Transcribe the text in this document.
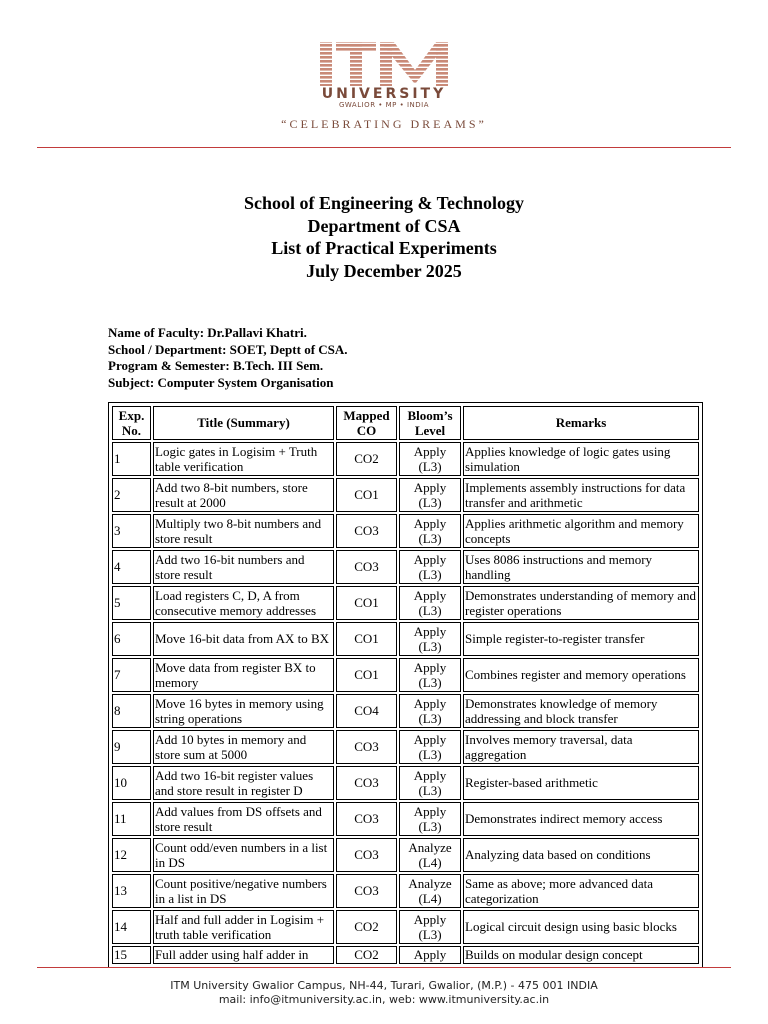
UNIVERSITY
GWALIOR • MP • INDIA
“CELEBRATING DREAMS”
School of Engineering & Technology
Department of CSA
List of Practical Experiments
July December 2025
Name of Faculty: Dr.Pallavi Khatri.
School / Department: SOET, Deptt of CSA.
Program & Semester: B.Tech. III Sem.
Subject: Computer System Organisation
Exp. No.	Title (Summary)	Mapped CO	Bloom’s Level	Remarks
1	Logic gates in Logisim + Truth table verification	CO2	Apply (L3)	Applies knowledge of logic gates using simulation
2	Add two 8-bit numbers, store result at 2000	CO1	Apply (L3)	Implements assembly instructions for data transfer and arithmetic
3	Multiply two 8-bit numbers and store result	CO3	Apply (L3)	Applies arithmetic algorithm and memory concepts
4	Add two 16-bit numbers and store result	CO3	Apply (L3)	Uses 8086 instructions and memory handling
5	Load registers C, D, A from consecutive memory addresses	CO1	Apply (L3)	Demonstrates understanding of memory and register operations
6	Move 16-bit data from AX to BX	CO1	Apply (L3)	Simple register-to-register transfer
7	Move data from register BX to memory	CO1	Apply (L3)	Combines register and memory operations
8	Move 16 bytes in memory using string operations	CO4	Apply (L3)	Demonstrates knowledge of memory addressing and block transfer
9	Add 10 bytes in memory and store sum at 5000	CO3	Apply (L3)	Involves memory traversal, data aggregation
10	Add two 16-bit register values and store result in register D	CO3	Apply (L3)	Register-based arithmetic
11	Add values from DS offsets and store result	CO3	Apply (L3)	Demonstrates indirect memory access
12	Count odd/even numbers in a list in DS	CO3	Analyze (L4)	Analyzing data based on conditions
13	Count positive/negative numbers in a list in DS	CO3	Analyze (L4)	Same as above; more advanced data categorization
14	Half and full adder in Logisim + truth table verification	CO2	Apply (L3)	Logical circuit design using basic blocks
15	Full adder using half adder in	CO2	Apply	Builds on modular design concept
ITM University Gwalior Campus, NH-44, Turari, Gwalior, (M.P.) - 475 001 INDIA
mail: info@itmuniversity.ac.in, web: www.itmuniversity.ac.in
